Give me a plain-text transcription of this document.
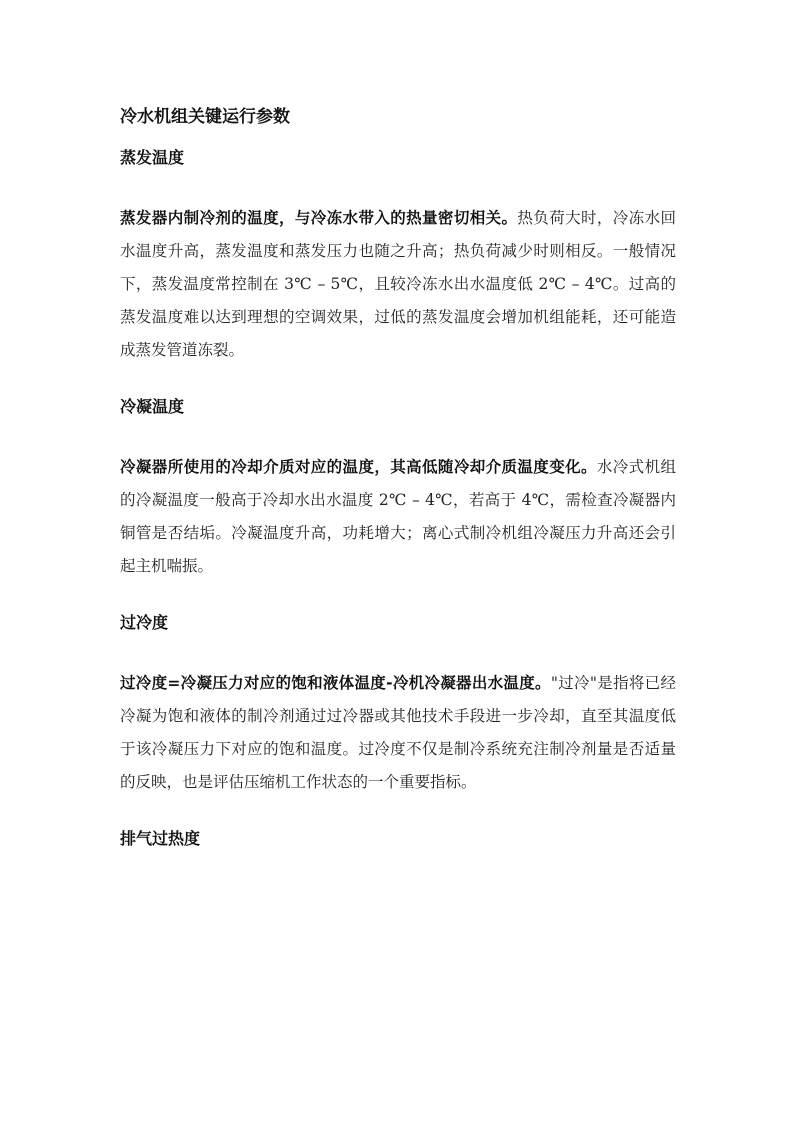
冷水机组关键运行参数
蒸发温度

蒸发器内制冷剂的温度，与冷冻水带入的热量密切相关。热负荷大时，冷冻水回水温度升高，蒸发温度和蒸发压力也随之升高；热负荷减少时则相反。一般情况下，蒸发温度常控制在 3℃ – 5℃，且较冷冻水出水温度低 2℃ – 4℃。过高的蒸发温度难以达到理想的空调效果，过低的蒸发温度会增加机组能耗，还可能造成蒸发管道冻裂。

冷凝温度

冷凝器所使用的冷却介质对应的温度，其高低随冷却介质温度变化。水冷式机组的冷凝温度一般高于冷却水出水温度 2℃ – 4℃，若高于 4℃，需检查冷凝器内铜管是否结垢。冷凝温度升高，功耗增大；离心式制冷机组冷凝压力升高还会引起主机喘振。

过冷度

过冷度=冷凝压力对应的饱和液体温度-冷机冷凝器出水温度。"过冷"是指将已经冷凝为饱和液体的制冷剂通过过冷器或其他技术手段进一步冷却，直至其温度低于该冷凝压力下对应的饱和温度。过冷度不仅是制冷系统充注制冷剂量是否适量的反映，也是评估压缩机工作状态的一个重要指标。

排气过热度
